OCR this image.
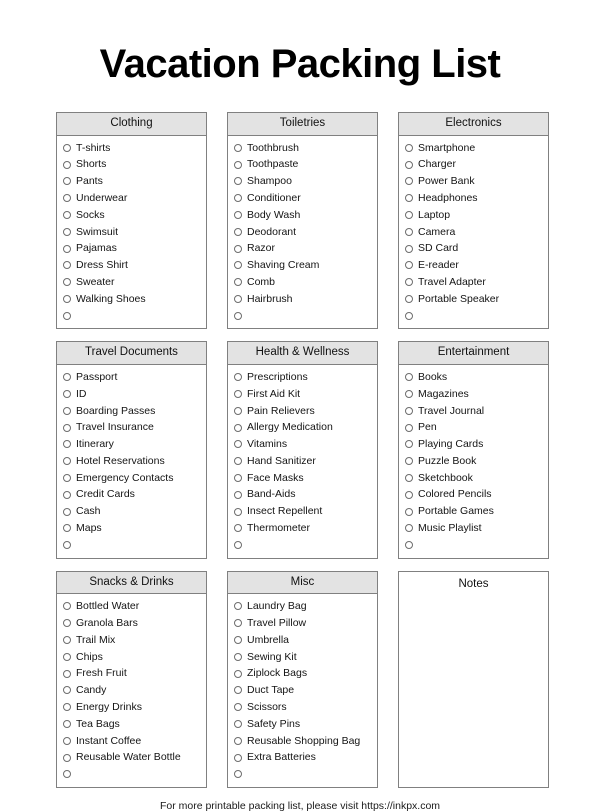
Vacation Packing List
Clothing
T-shirts
Shorts
Pants
Underwear
Socks
Swimsuit
Pajamas
Dress Shirt
Sweater
Walking Shoes

Toiletries
Toothbrush
Toothpaste
Shampoo
Conditioner
Body Wash
Deodorant
Razor
Shaving Cream
Comb
Hairbrush

Electronics
Smartphone
Charger
Power Bank
Headphones
Laptop
Camera
SD Card
E-reader
Travel Adapter
Portable Speaker

Travel Documents
Passport
ID
Boarding Passes
Travel Insurance
Itinerary
Hotel Reservations
Emergency Contacts
Credit Cards
Cash
Maps

Health & Wellness
Prescriptions
First Aid Kit
Pain Relievers
Allergy Medication
Vitamins
Hand Sanitizer
Face Masks
Band-Aids
Insect Repellent
Thermometer

Entertainment
Books
Magazines
Travel Journal
Pen
Playing Cards
Puzzle Book
Sketchbook
Colored Pencils
Portable Games
Music Playlist

Snacks & Drinks
Bottled Water
Granola Bars
Trail Mix
Chips
Fresh Fruit
Candy
Energy Drinks
Tea Bags
Instant Coffee
Reusable Water Bottle

Misc
Laundry Bag
Travel Pillow
Umbrella
Sewing Kit
Ziplock Bags
Duct Tape
Scissors
Safety Pins
Reusable Shopping Bag
Extra Batteries

Notes
For more printable packing list, please visit https://inkpx.com
